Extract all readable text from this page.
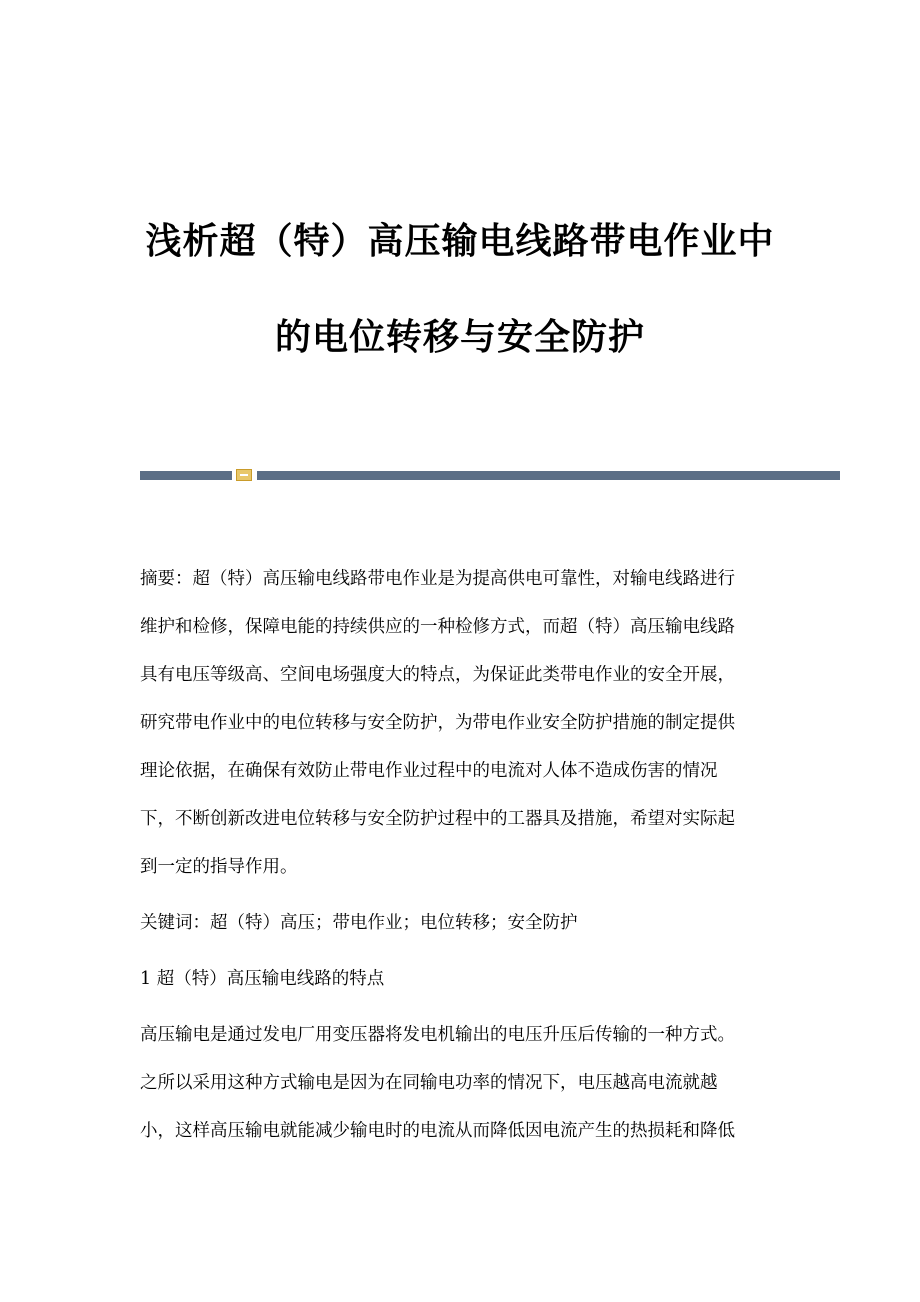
浅析超（特）高压输电线路带电作业中
的电位转移与安全防护
摘要：超（特）高压输电线路带电作业是为提高供电可靠性，对输电线路进行
维护和检修，保障电能的持续供应的一种检修方式，而超（特）高压输电线路
具有电压等级高、空间电场强度大的特点，为保证此类带电作业的安全开展，
研究带电作业中的电位转移与安全防护，为带电作业安全防护措施的制定提供
理论依据，在确保有效防止带电作业过程中的电流对人体不造成伤害的情况
下，不断创新改进电位转移与安全防护过程中的工器具及措施，希望对实际起
到一定的指导作用。
关键词：超（特）高压；带电作业；电位转移；安全防护
1 超（特）高压输电线路的特点
高压输电是通过发电厂用变压器将发电机输出的电压升压后传输的一种方式。
之所以采用这种方式输电是因为在同输电功率的情况下，电压越高电流就越
小，这样高压输电就能减少输电时的电流从而降低因电流产生的热损耗和降低
